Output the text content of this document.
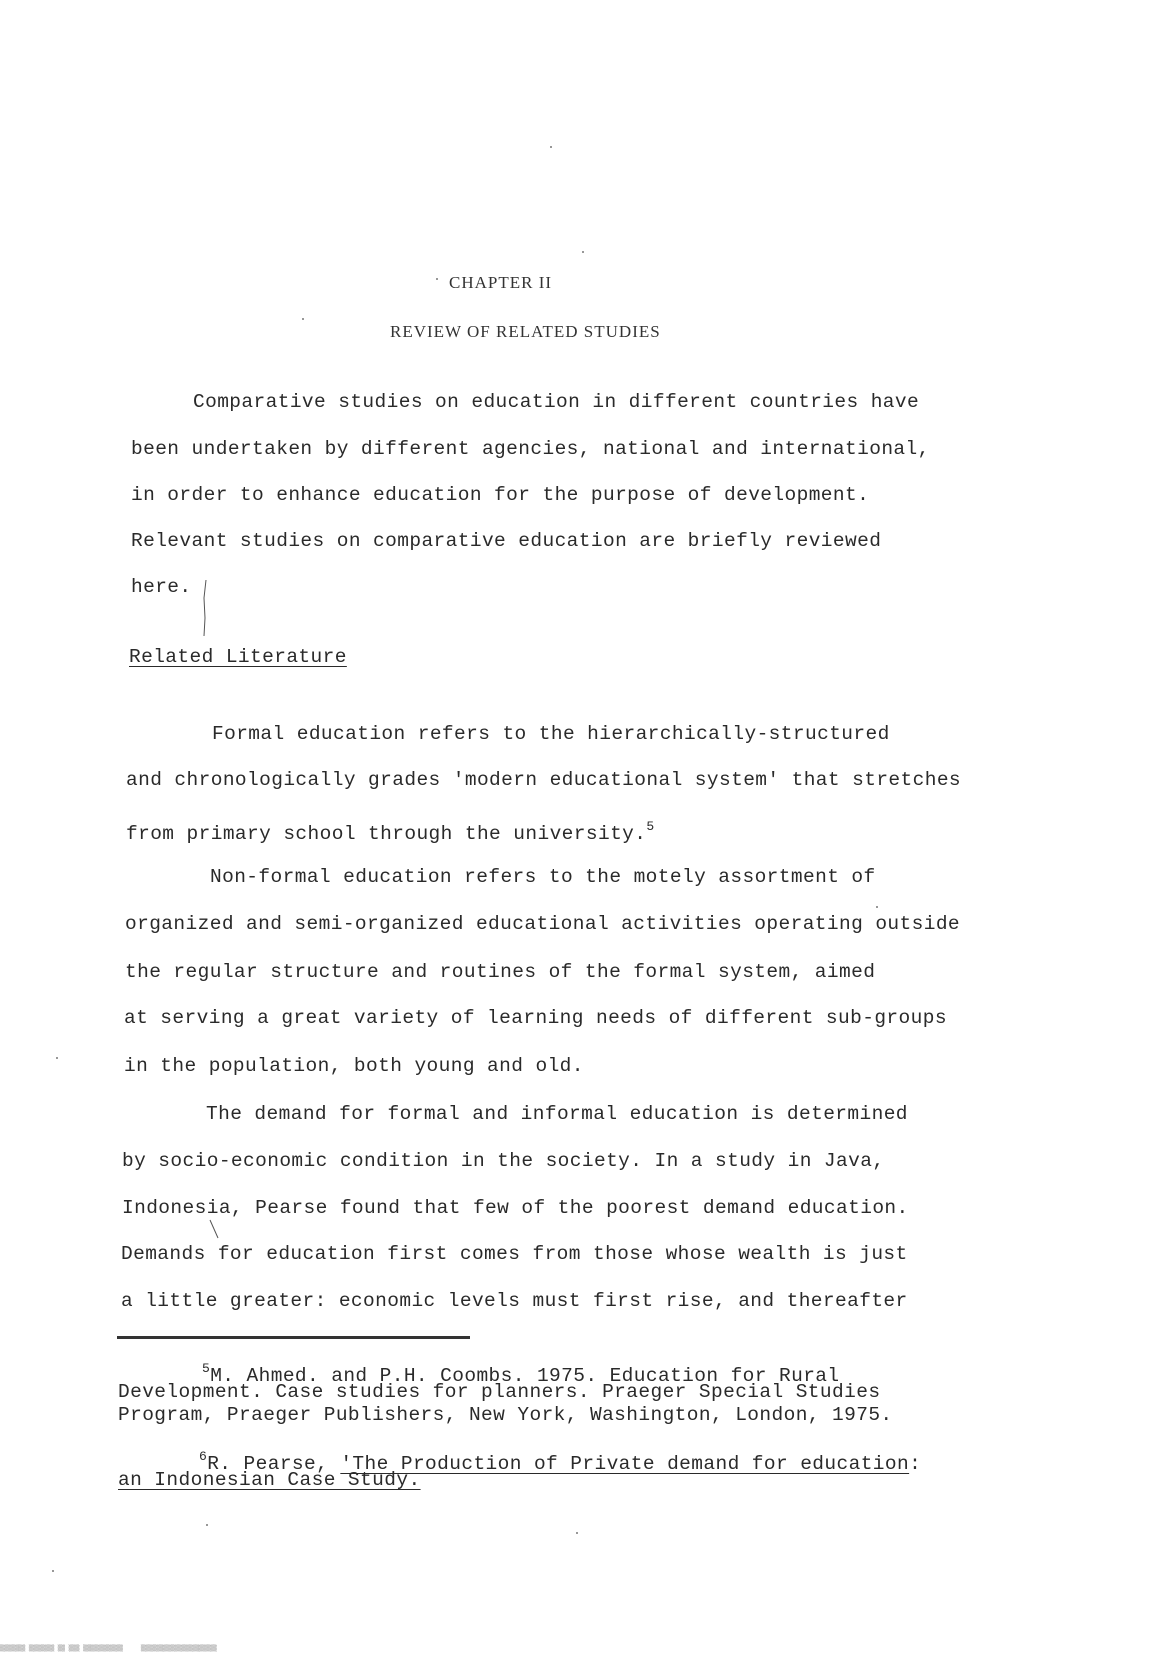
CHAPTER II
REVIEW OF RELATED STUDIES
Comparative studies on education in different countries have
been undertaken by different agencies, national and international,
in order to enhance education for the purpose of development.
Relevant studies on comparative education are briefly reviewed
here.
Related Literature
Formal education refers to the hierarchically-structured
and chronologically grades 'modern educational system' that stretches
from primary school through the university.$^5$
Non-formal education refers to the motely assortment of
organized and semi-organized educational activities operating outside
the regular structure and routines of the formal system, aimed
at serving a great variety of learning needs of different sub-groups
in the population, both young and old.
The demand for formal and informal education is determined
by socio-economic condition in the society. In a study in Java,
Indonesia, Pearse found that few of the poorest demand education.
Demands for education first comes from those whose wealth is just
a little greater: economic levels must first rise, and thereafter
$^5$M. Ahmed. and P.H. Coombs. 1975. Education for Rural
Development. Case studies for planners. Praeger Special Studies
Program, Praeger Publishers, New York, Washington, London, 1975.
$^6$R. Pearse, 'The Production of Private demand for education:
an Indonesian Case Study.
▒▒▒▒▒▒▒ ▒▒▒▒▒▒▒ ▒▒ ▒▒▒ ▒▒▒▒▒▒▒▒▒▒▒     ▒▒▒▒▒▒▒▒▒▒▒▒▒▒▒▒▒▒▒▒▒
